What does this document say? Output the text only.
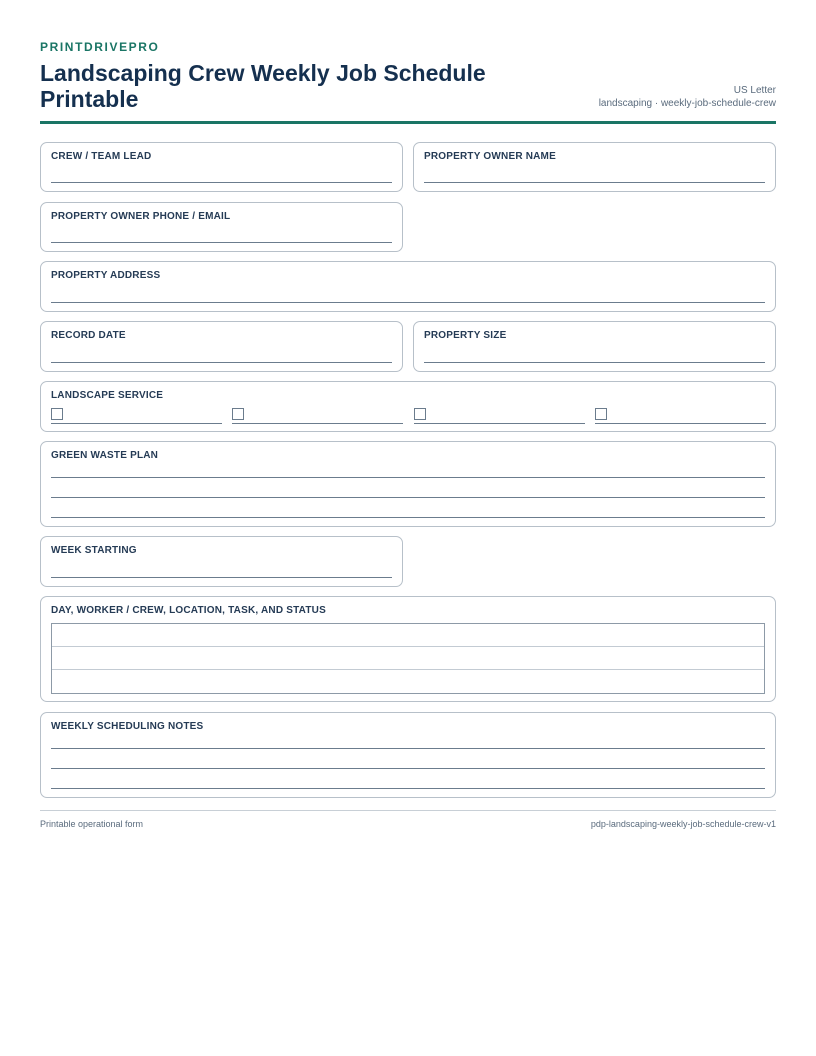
PRINTDRIVEPRO
Landscaping Crew Weekly Job Schedule Printable	US Letter
landscaping · weekly-job-schedule-crew
CREW / TEAM LEAD	PROPERTY OWNER NAME
PROPERTY OWNER PHONE / EMAIL
PROPERTY ADDRESS
RECORD DATE	PROPERTY SIZE
LANDSCAPE SERVICE
GREEN WASTE PLAN
WEEK STARTING
DAY, WORKER / CREW, LOCATION, TASK, AND STATUS
WEEKLY SCHEDULING NOTES
Printable operational form	pdp-landscaping-weekly-job-schedule-crew-v1
